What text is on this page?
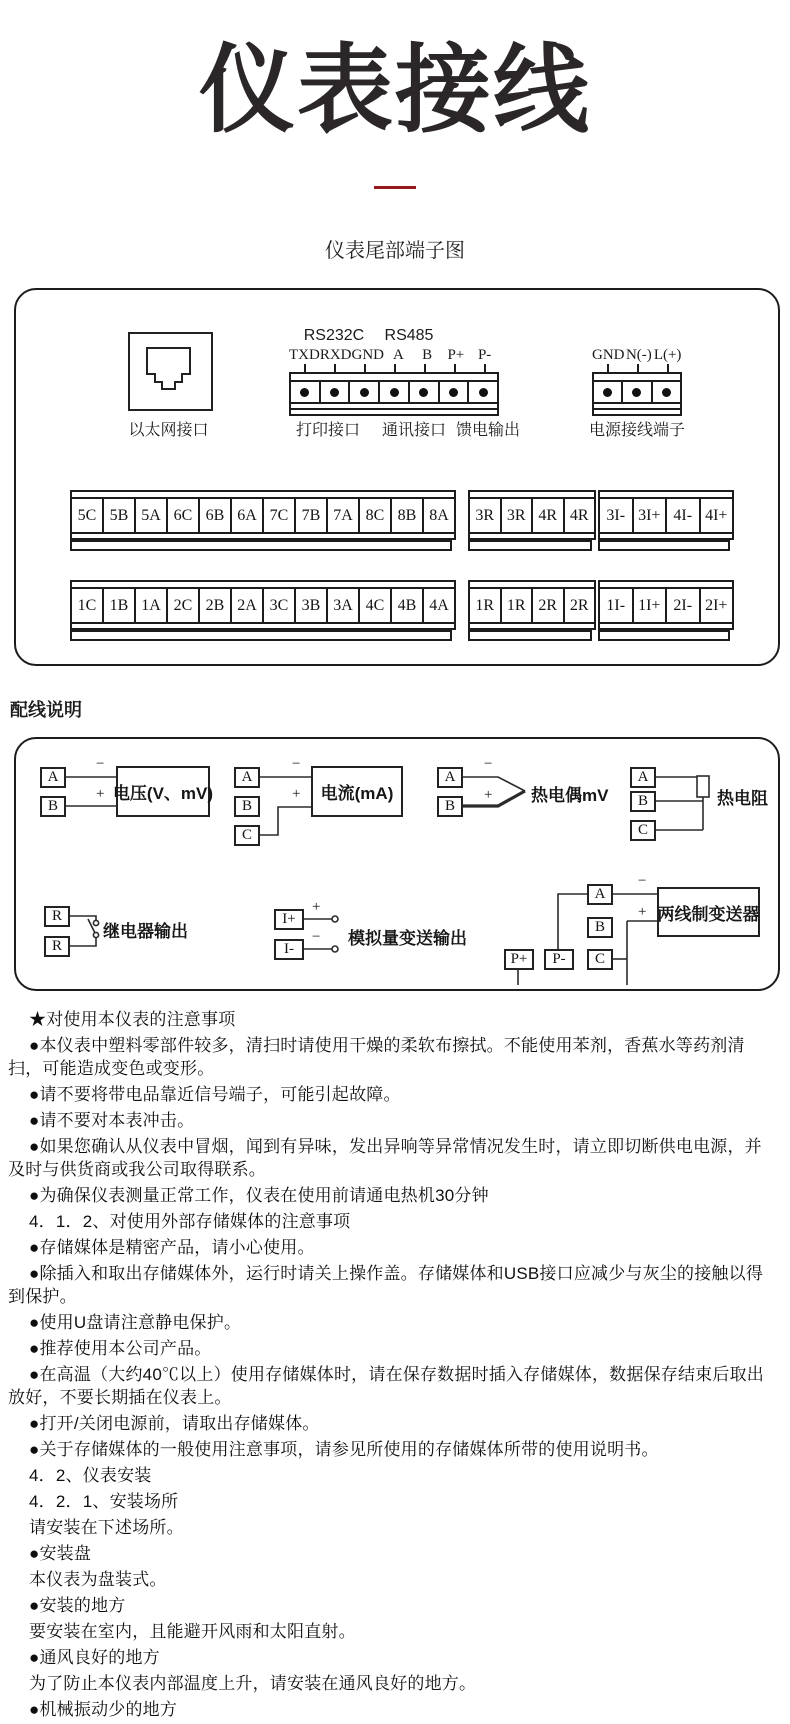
仪表接线
仪表尾部端子图
以太网接口
RS232C	RS485
TXD RXD GND A	B	P+ P-
打印接口	通讯接口 馈电输出
GND N(-) L(+)
电源接线端子
5C 5B 5A 6C 6B 6A 7C 7B 7A 8C 8B 8A	3R 3R 4R 4R	3I- 3I+ 4I- 4I+
1C 1B 1A 2C 2B 2A 3C 3B 3A 4C 4B 4A	1R 1R 2R 2R	1I- 1I+ 2I- 2I+
配线说明
A
B
−
+ 电压(V、mV)
A
B
C
−
+	电流(mA)
A
B
−
+ 热电偶mV
A
B
C
热电阻
R
R
继电器输出
I+
I-
+
− 模拟量变送输出
A
B
C
P+	P-
−
+ 两线制变送器
★对使用本仪表的注意事项
●本仪表中塑料零部件较多，清扫时请使用干燥的柔软布擦拭。不能使用苯剂，香蕉水等药剂清扫，可能造成变色或变形。
●请不要将带电品靠近信号端子，可能引起故障。
●请不要对本表冲击。
●如果您确认从仪表中冒烟，闻到有异味，发出异响等异常情况发生时，请立即切断供电电源，并及时与供货商或我公司取得联系。
●为确保仪表测量正常工作，仪表在使用前请通电热机30分钟
4．1．2、对使用外部存储媒体的注意事项
●存储媒体是精密产品，请小心使用。
●除插入和取出存储媒体外，运行时请关上操作盖。存储媒体和USB接口应减少与灰尘的接触以得到保护。
●使用U盘请注意静电保护。
●推荐使用本公司产品。
●在高温（大约40℃以上）使用存储媒体时，请在保存数据时插入存储媒体，数据保存结束后取出放好，不要长期插在仪表上。
●打开/关闭电源前，请取出存储媒体。
●关于存储媒体的一般使用注意事项，请参见所使用的存储媒体所带的使用说明书。
4．2、仪表安装
4．2．1、安装场所
请安装在下述场所。
●安装盘
本仪表为盘装式。
●安装的地方
要安装在室内，且能避开风雨和太阳直射。
●通风良好的地方
为了防止本仪表内部温度上升，请安装在通风良好的地方。
●机械振动少的地方
